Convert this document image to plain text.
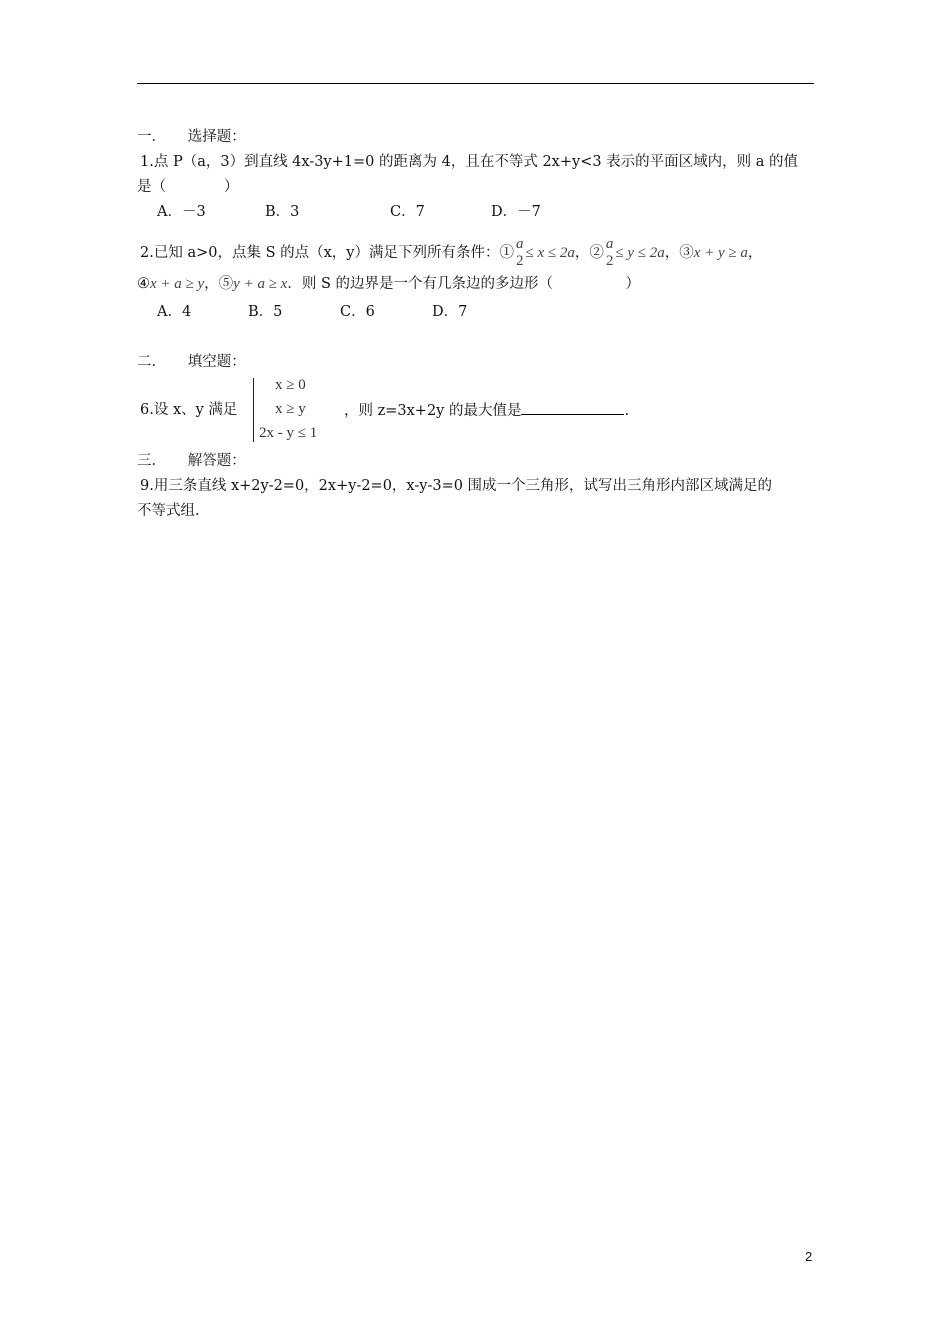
一．　　选择题：
1.点 P（a，3）到直线 4x-3y+1=0 的距离为 4，且在不等式 2x+y<3 表示的平面区域内，则 a 的值
是（　　　　）
A．－3	B．3	C．7	D．－7
2.已知 a>0，点集 S 的点（x，y）满足下列所有条件：①
a
2 ≤ x ≤ 2a，②
a
2 ≤ y ≤ 2a，③x + y ≥ a，
④x + a ≥ y，⑤y + a ≥ x．则 S 的边界是一个有几条边的多边形（　　　　　）
A．4	B．5	C．6	D．7
二．　　填空题：
6.设 x、y 满足
x ≥ 0
x ≥ y
2x - y ≤ 1
，则 z=3x+2y 的最大值是	.
三．　　解答题：
9.用三条直线 x+2y-2=0，2x+y-2=0，x-y-3=0 围成一个三角形，试写出三角形内部区域满足的
不等式组.
2
